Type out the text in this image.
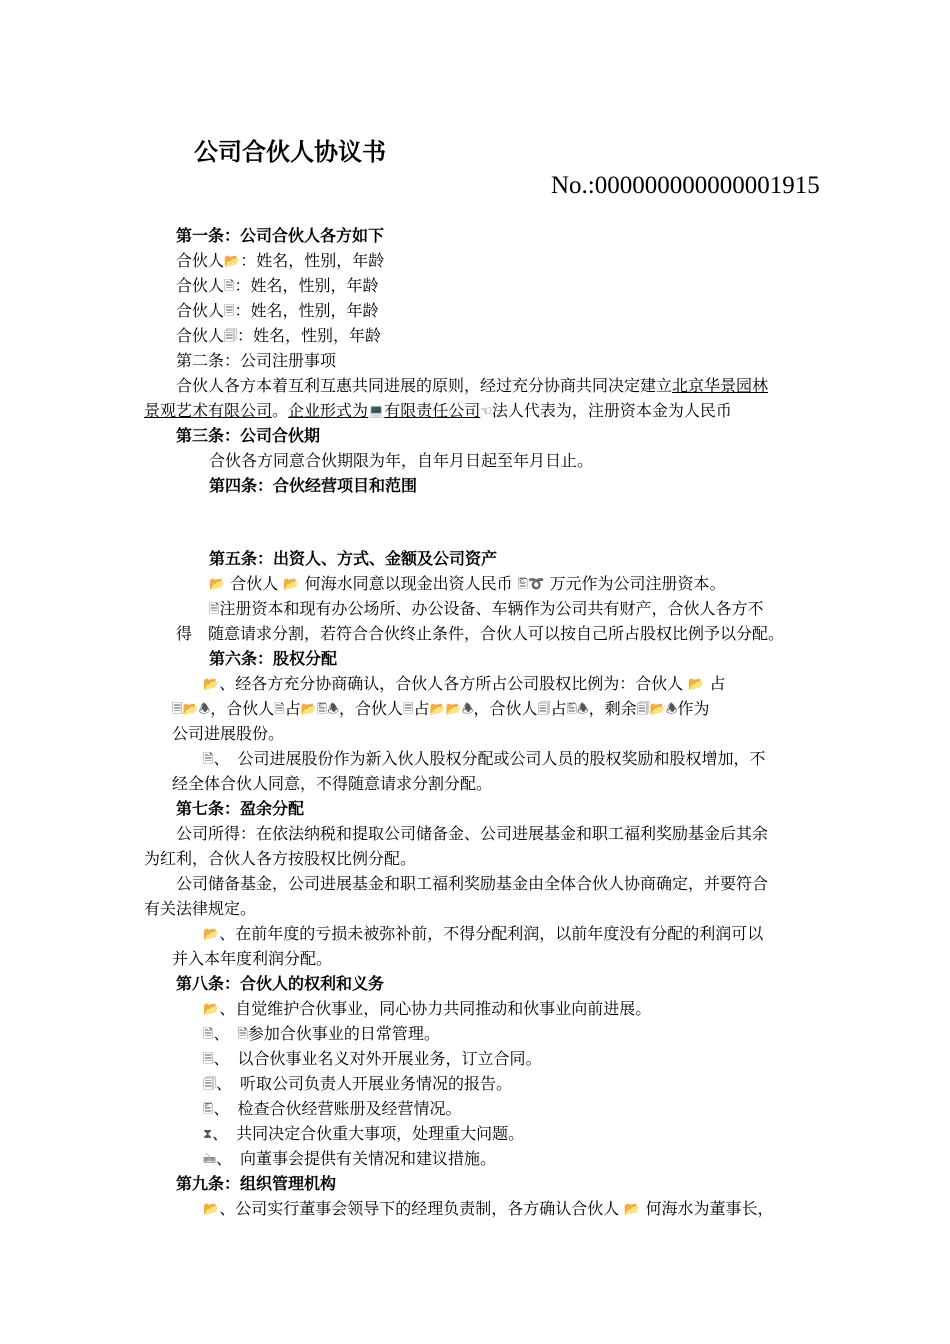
公司合伙人协议书
No.:000000000000001915
第一条：公司合伙人各方如下
合伙人📂：姓名，性别，年龄
合伙人🗎：姓名，性别，年龄
合伙人🗏：姓名，性别，年龄
合伙人🗐：姓名，性别，年龄
第二条：公司注册事项
合伙人各方本着互利互惠共同进展的原则，经过充分协商共同决定建立北京华景园林
景观艺术有限公司。企业形式为💻有限责任公司☜法人代表为，注册资本金为人民币
第三条：公司合伙期
合伙各方同意合伙期限为年，自年月日起至年月日止。
第四条：合伙经营项目和范围
第五条：出资人、方式、金额及公司资产
📂 合伙人 📂 何海水同意以现金出资人民币 🖺➰ 万元作为公司注册资本。
🗎注册资本和现有办公场所、办公设备、车辆作为公司共有财产，合伙人各方不
得　随意请求分割，若符合合伙终止条件，合伙人可以按自己所占股权比例予以分配。
第六条：股权分配
📂、经各方充分协商确认，合伙人各方所占公司股权比例为：合伙人 📂 占
🗏📂🕭，合伙人🗎占📂🖺🕭，合伙人🗏占📂📂🕭，合伙人🗐占🖺🕭，剩余🗐📂🕭作为
公司进展股份。
🗎、　公司进展股份作为新入伙人股权分配或公司人员的股权奖励和股权增加，不
经全体合伙人同意，不得随意请求分割分配。
第七条：盈余分配
公司所得：在依法纳税和提取公司储备金、公司进展基金和职工福利奖励基金后其余
为红利，合伙人各方按股权比例分配。
公司储备基金，公司进展基金和职工福利奖励基金由全体合伙人协商确定，并要符合
有关法律规定。
📂、在前年度的亏损未被弥补前，不得分配利润，以前年度没有分配的利润可以
并入本年度利润分配。
第八条：合伙人的权利和义务
📂、自觉维护合伙事业，同心协力共同推动和伙事业向前进展。
🗎、　🗎参加合伙事业的日常管理。
🗏、　以合伙事业名义对外开展业务，订立合同。
🗐、　听取公司负责人开展业务情况的报告。
🖺、　检查合伙经营账册及经营情况。
⧗、　共同决定合伙重大事项，处理重大问题。
🖮、　向董事会提供有关情况和建议措施。
第九条：组织管理机构
📂、公司实行董事会领导下的经理负责制，各方确认合伙人 📂 何海水为董事长，
